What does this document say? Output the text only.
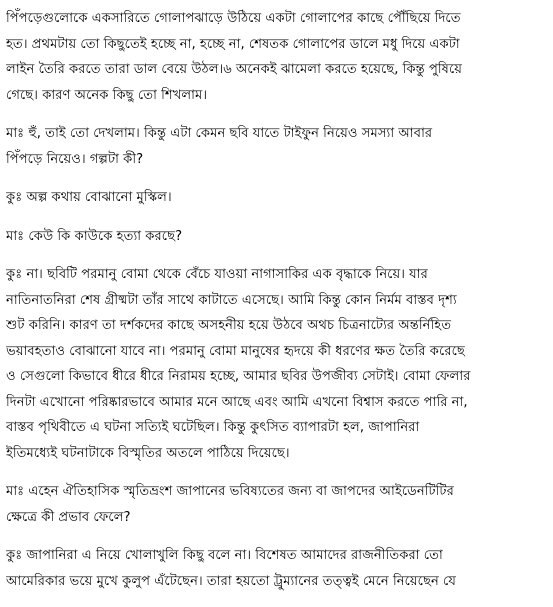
পিঁপড়েগুলোকে একসারিতে গোলাপঝাড়ে উঠিয়ে একটা গোলাপের কাছে পৌঁছিয়ে দিতে
হত। প্রথমটায় তো কিছুতেই হচ্ছে না, হচ্ছে না, শেষতক গোলাপের ডালে মধু দিয়ে একটা
লাইন তৈরি করতে তারা ডাল বেয়ে উঠল।৬ অনেকই ঝামেলা করতে হয়েছে, কিন্তু পুষিয়ে
গেছে। কারণ অনেক কিছু তো শিখলাম।
মাঃ হুঁ, তাই তো দেখলাম। কিন্তু এটা কেমন ছবি যাতে টাইফুন নিয়েও সমস্যা আবার
পিঁপড়ে নিয়েও। গল্পটা কী?
কুঃ অল্প কথায় বোঝানো মুস্কিল।
মাঃ কেউ কি কাউকে হত্যা করছে?
কুঃ না। ছবিটি পরমানু বোমা থেকে বেঁচে যাওয়া নাগাসাকির এক বৃদ্ধাকে নিয়ে। যার
নাতিনাতনিরা শেষ গ্রীষ্মটা তাঁর সাথে কাটাতে এসেছে। আমি কিন্তু কোন নির্মম বাস্তব দৃশ্য
শুট করিনি। কারণ তা দর্শকদের কাছে অসহনীয় হয়ে উঠবে অথচ চিত্রনাট্যের অন্তর্নিহিত
ভয়াবহতাও বোঝানো যাবে না। পরমানু বোমা মানুষের হৃদয়ে কী ধরণের ক্ষত তৈরি করেছে
ও সেগুলো কিভাবে ধীরে ধীরে নিরাময় হচ্ছে, আমার ছবির উপজীব্য সেটাই। বোমা ফেলার
দিনটা এখোনো পরিষ্কারভাবে আমার মনে আছে এবং আমি এখনো বিশ্বাস করতে পারি না,
বাস্তব পৃথিবীতে এ ঘটনা সত্যিই ঘটেছিল। কিন্তু কুৎসিত ব্যাপারটা হল, জাপানিরা
ইতিমধ্যেই ঘটনাটাকে বিস্মৃতির অতলে পাঠিয়ে দিয়েছে।
মাঃ এহেন ঐতিহাসিক স্মৃতিভ্রংশ জাপানের ভবিষ্যতের জন্য বা জাপদের আইডেনটিটির
ক্ষেত্রে কী প্রভাব ফেলে?
কুঃ জাপানিরা এ নিয়ে খোলাখুলি কিছু বলে না। বিশেষত আমাদের রাজনীতিকরা তো
আমেরিকার ভয়ে মুখে কুলুপ এঁটেছেন। তারা হয়তো ট্রুম্যানের তত্ত্বই মেনে নিয়েছেন যে
